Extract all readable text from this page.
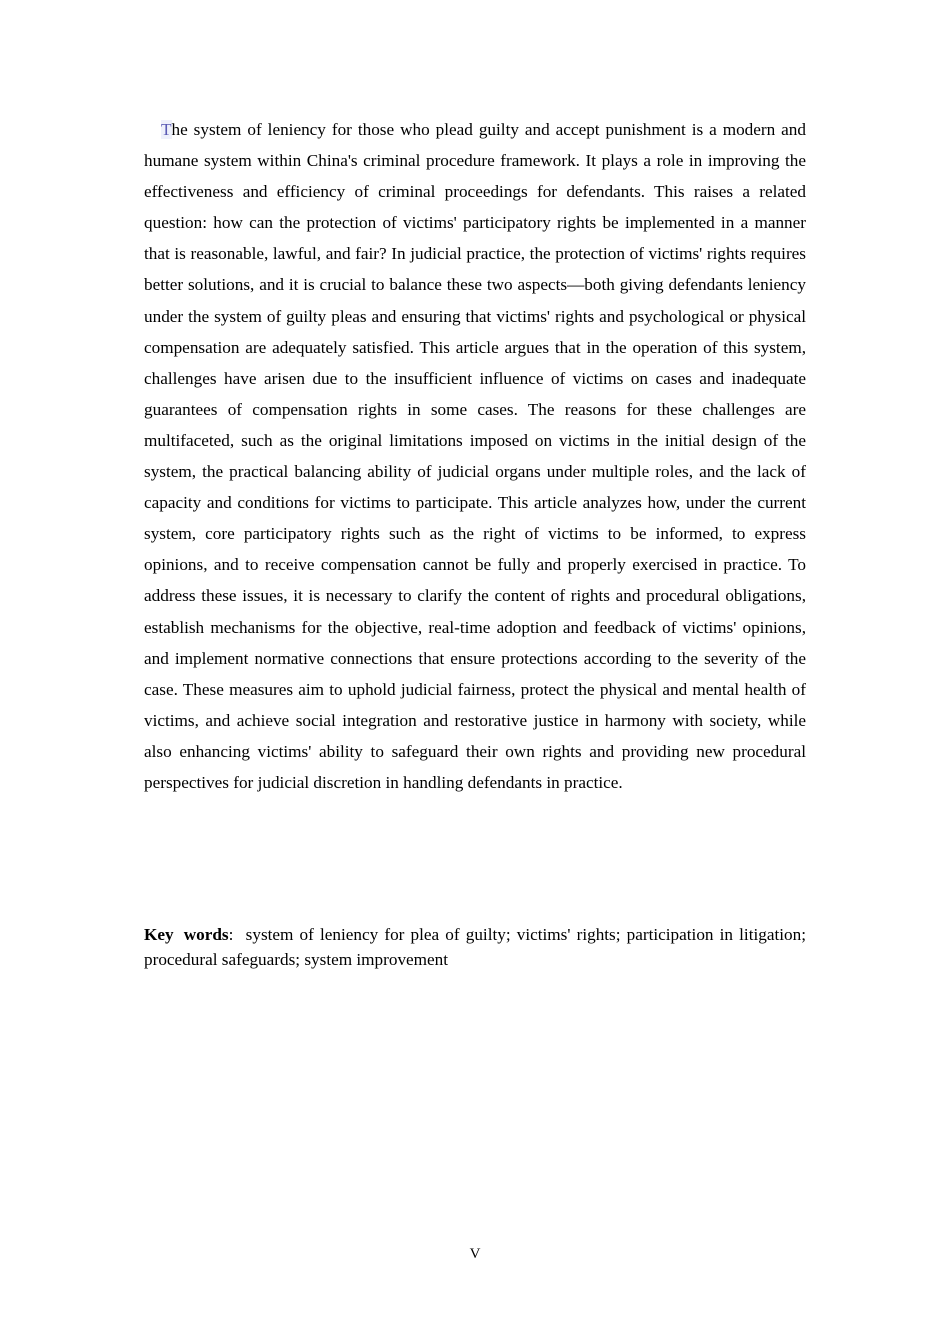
The system of leniency for those who plead guilty and accept punishment is a modern and humane system within China's criminal procedure framework. It plays a role in improving the effectiveness and efficiency of criminal proceedings for defendants. This raises a related question: how can the protection of victims' participatory rights be implemented in a manner that is reasonable, lawful, and fair? In judicial practice, the protection of victims' rights requires better solutions, and it is crucial to balance these two aspects—both giving defendants leniency under the system of guilty pleas and ensuring that victims' rights and psychological or physical compensation are adequately satisfied. This article argues that in the operation of this system, challenges have arisen due to the insufficient influence of victims on cases and inadequate guarantees of compensation rights in some cases. The reasons for these challenges are multifaceted, such as the original limitations imposed on victims in the initial design of the system, the practical balancing ability of judicial organs under multiple roles, and the lack of capacity and conditions for victims to participate. This article analyzes how, under the current system, core participatory rights such as the right of victims to be informed, to express opinions, and to receive compensation cannot be fully and properly exercised in practice. To address these issues, it is necessary to clarify the content of rights and procedural obligations, establish mechanisms for the objective, real-time adoption and feedback of victims' opinions, and implement normative connections that ensure protections according to the severity of the case. These measures aim to uphold judicial fairness, protect the physical and mental health of victims, and achieve social integration and restorative justice in harmony with society, while also enhancing victims' ability to safeguard their own rights and providing new procedural perspectives for judicial discretion in handling defendants in practice.

Key words: system of leniency for plea of guilty; victims' rights; participation in litigation; procedural safeguards; system improvement

V
